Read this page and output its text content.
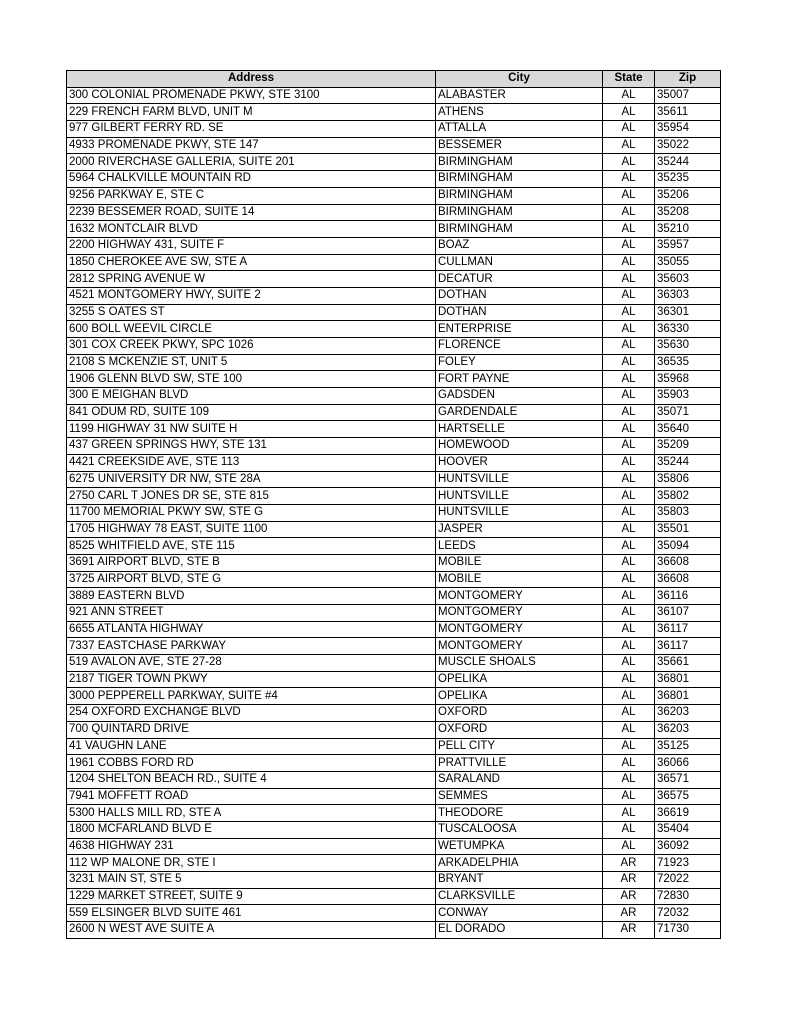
Address	City	State	Zip
300 COLONIAL PROMENADE PKWY, STE 3100	ALABASTER	AL	35007
229 FRENCH FARM BLVD, UNIT M	ATHENS	AL	35611
977 GILBERT FERRY RD. SE	ATTALLA	AL	35954
4933 PROMENADE PKWY, STE 147	BESSEMER	AL	35022
2000 RIVERCHASE GALLERIA, SUITE 201	BIRMINGHAM	AL	35244
5964 CHALKVILLE MOUNTAIN RD	BIRMINGHAM	AL	35235
9256 PARKWAY E, STE C	BIRMINGHAM	AL	35206
2239 BESSEMER ROAD, SUITE 14	BIRMINGHAM	AL	35208
1632 MONTCLAIR BLVD	BIRMINGHAM	AL	35210
2200 HIGHWAY 431, SUITE F	BOAZ	AL	35957
1850 CHEROKEE AVE SW, STE A	CULLMAN	AL	35055
2812 SPRING AVENUE W	DECATUR	AL	35603
4521 MONTGOMERY HWY, SUITE 2	DOTHAN	AL	36303
3255 S OATES ST	DOTHAN	AL	36301
600 BOLL WEEVIL CIRCLE	ENTERPRISE	AL	36330
301 COX CREEK PKWY, SPC 1026	FLORENCE	AL	35630
2108 S MCKENZIE ST, UNIT 5	FOLEY	AL	36535
1906 GLENN BLVD SW, STE 100	FORT PAYNE	AL	35968
300 E MEIGHAN BLVD	GADSDEN	AL	35903
841 ODUM RD, SUITE 109	GARDENDALE	AL	35071
1199 HIGHWAY 31 NW SUITE H	HARTSELLE	AL	35640
437 GREEN SPRINGS HWY, STE 131	HOMEWOOD	AL	35209
4421 CREEKSIDE AVE, STE 113	HOOVER	AL	35244
6275 UNIVERSITY DR NW, STE 28A	HUNTSVILLE	AL	35806
2750 CARL T JONES DR SE, STE 815	HUNTSVILLE	AL	35802
11700 MEMORIAL PKWY SW, STE G	HUNTSVILLE	AL	35803
1705 HIGHWAY 78 EAST, SUITE 1100	JASPER	AL	35501
8525 WHITFIELD AVE, STE 115	LEEDS	AL	35094
3691 AIRPORT BLVD, STE B	MOBILE	AL	36608
3725 AIRPORT BLVD, STE G	MOBILE	AL	36608
3889 EASTERN BLVD	MONTGOMERY	AL	36116
921 ANN STREET	MONTGOMERY	AL	36107
6655 ATLANTA HIGHWAY	MONTGOMERY	AL	36117
7337 EASTCHASE PARKWAY	MONTGOMERY	AL	36117
519 AVALON AVE, STE 27-28	MUSCLE SHOALS	AL	35661
2187 TIGER TOWN PKWY	OPELIKA	AL	36801
3000 PEPPERELL PARKWAY, SUITE #4	OPELIKA	AL	36801
254 OXFORD EXCHANGE BLVD	OXFORD	AL	36203
700 QUINTARD DRIVE	OXFORD	AL	36203
41 VAUGHN LANE	PELL CITY	AL	35125
1961 COBBS FORD RD	PRATTVILLE	AL	36066
1204 SHELTON BEACH RD., SUITE 4	SARALAND	AL	36571
7941 MOFFETT ROAD	SEMMES	AL	36575
5300 HALLS MILL RD, STE A	THEODORE	AL	36619
1800 MCFARLAND BLVD E	TUSCALOOSA	AL	35404
4638 HIGHWAY 231	WETUMPKA	AL	36092
112 WP MALONE DR, STE I	ARKADELPHIA	AR	71923
3231 MAIN ST, STE 5	BRYANT	AR	72022
1229 MARKET STREET, SUITE 9	CLARKSVILLE	AR	72830
559 ELSINGER BLVD SUITE 461	CONWAY	AR	72032
2600 N WEST AVE SUITE A	EL DORADO	AR	71730
